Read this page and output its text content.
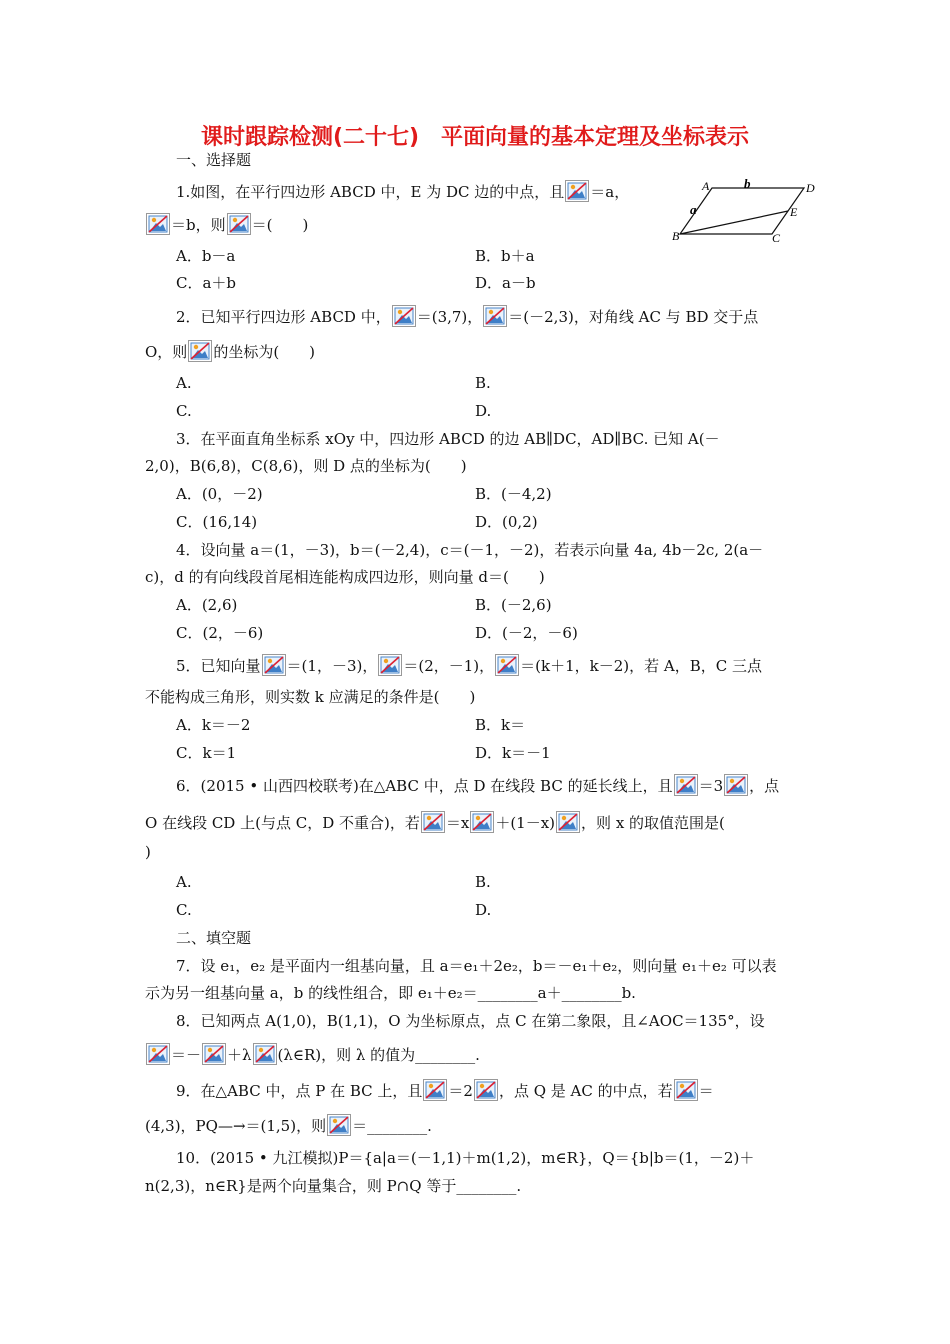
课时跟踪检测(二十七)　平面向量的基本定理及坐标表示
一、选择题
A	b	D
a	E
B	C
1.如图，在平行四边形 ABCD 中，E 为 DC 边的中点，且 ＝a，
＝b，则 ＝(　　)
A．b－a	B．b＋a
C．a＋b	D．a－b
2．已知平行四边形 ABCD 中， ＝(3,7)， ＝(－2,3)，对角线 AC 与 BD 交于点
O，则 的坐标为(　　)
A.	B.
C.	D.
3．在平面直角坐标系 xOy 中，四边形 ABCD 的边 AB∥DC，AD∥BC. 已知 A(－
2,0)，B(6,8)，C(8,6)，则 D 点的坐标为(　　)
A．(0，－2)	B．(－4,2)
C．(16,14)	D．(0,2)
4．设向量 a＝(1，－3)，b＝(－2,4)，c＝(－1，－2)，若表示向量 4a, 4b－2c, 2(a－
c)，d 的有向线段首尾相连能构成四边形，则向量 d＝(　　)
A．(2,6)	B．(－2,6)
C．(2，－6)	D．(－2，－6)
5．已知向量 ＝(1，－3)， ＝(2，－1)， ＝(k＋1，k－2)，若 A，B，C 三点
不能构成三角形，则实数 k 应满足的条件是(　　)
A．k＝－2	B．k＝
C．k＝1	D．k＝－1
6．(2015 • 山西四校联考)在△ABC 中，点 D 在线段 BC 的延长线上，且 ＝3 ，点
O 在线段 CD 上(与点 C，D 不重合)，若 ＝x ＋(1－x) ，则 x 的取值范围是(
)
A.	B.
C.	D.
二、填空题
7．设 e₁，e₂ 是平面内一组基向量，且 a＝e₁＋2e₂，b＝－e₁＋e₂，则向量 e₁＋e₂ 可以表
示为另一组基向量 a，b 的线性组合，即 e₁＋e₂＝________a＋________b.
8．已知两点 A(1,0)，B(1,1)，O 为坐标原点，点 C 在第二象限，且∠AOC＝135°，设
＝－ ＋λ (λ∈R)，则 λ 的值为________.
9．在△ABC 中，点 P 在 BC 上，且 ＝2 ，点 Q 是 AC 的中点，若 ＝
(4,3)，PQ—→＝(1,5)，则 ＝________.
10．(2015 • 九江模拟)P＝{a|a＝(－1,1)＋m(1,2)，m∈R}，Q＝{b|b＝(1，－2)＋
n(2,3)，n∈R}是两个向量集合，则 P∩Q 等于________.
